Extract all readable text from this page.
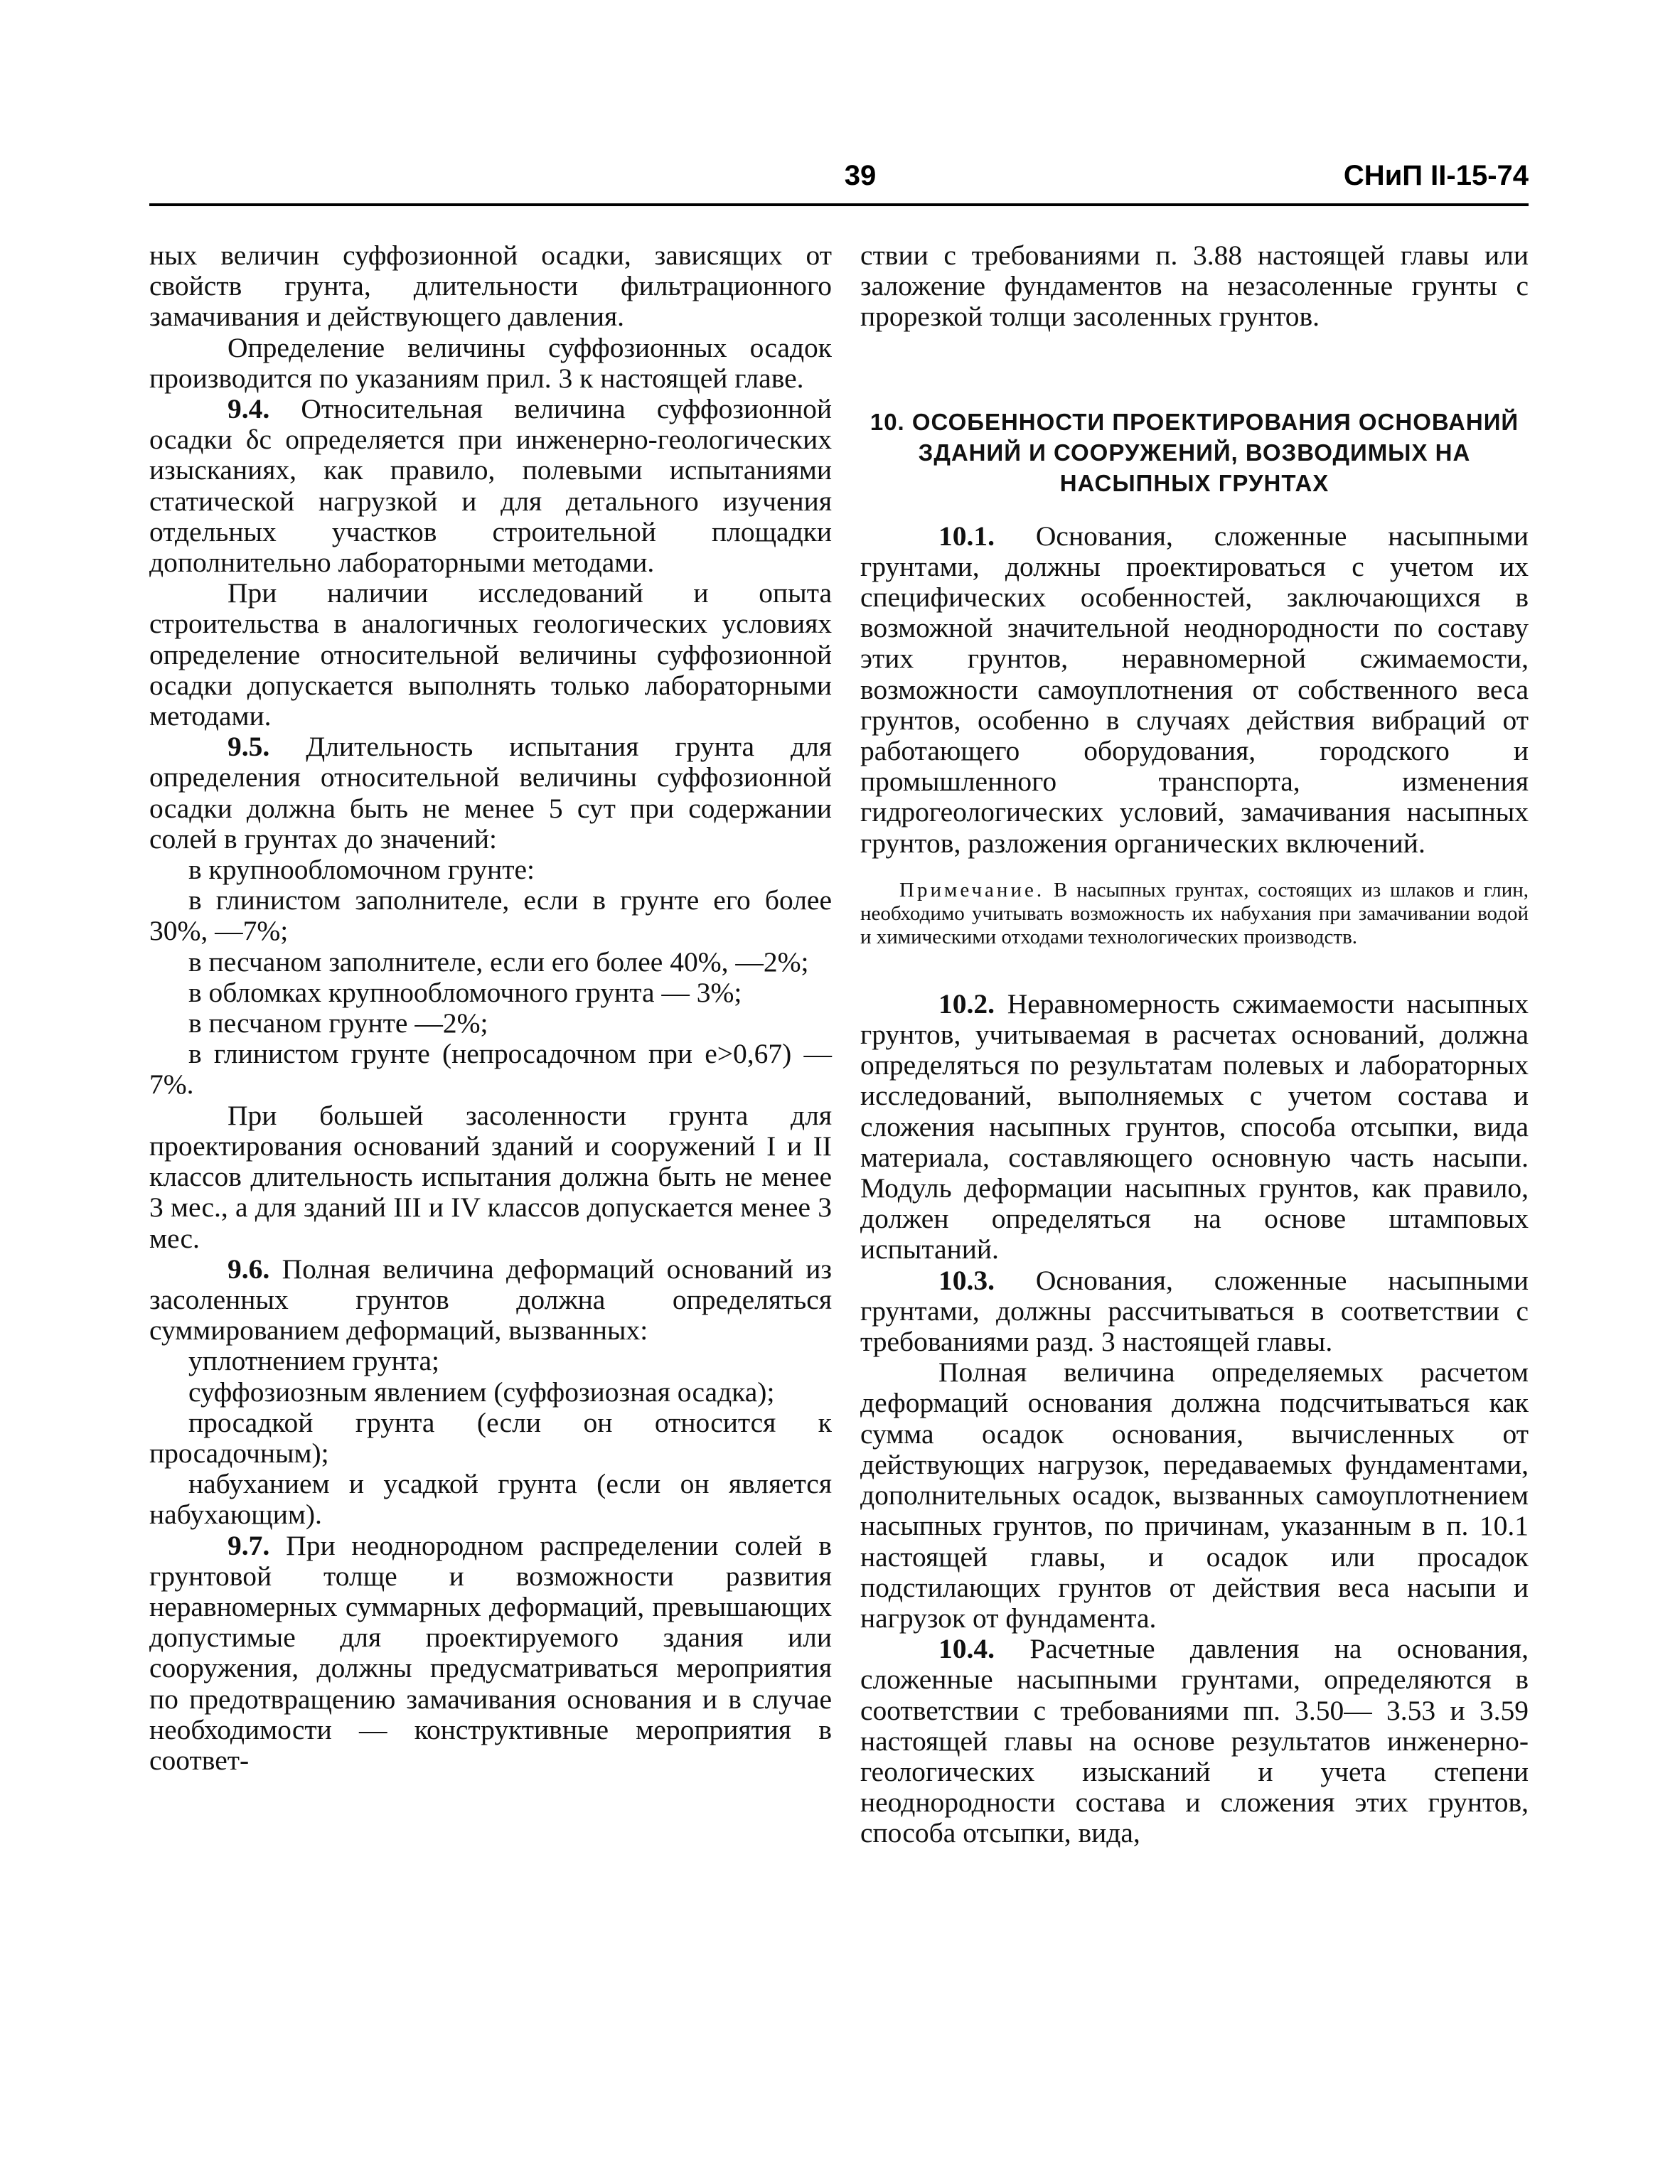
39	СНиП II-15-74

ных величин суффозионной осадки, зависящих от свойств грунта, длительности фильтрационного замачивания и действующего давления.

Определение величины суффозионных осадок производится по указаниям прил. 3 к настоящей главе.

9.4. Относительная величина суффозионной осадки δс определяется при инженерно-геологических изысканиях, как правило, полевыми испытаниями статической нагрузкой и для детального изучения отдельных участков строительной площадки дополнительно лабораторными методами.

При наличии исследований и опыта строительства в аналогичных геологических условиях определение относительной величины суффозионной осадки допускается выполнять только лабораторными методами.

9.5. Длительность испытания грунта для определения относительной величины суффозионной осадки должна быть не менее 5 сут при содержании солей в грунтах до значений:

в крупнообломочном грунте:

в глинистом заполнителе, если в грунте его более 30%, —7%;

в песчаном заполнителе, если его более 40%, —2%;

в обломках крупнообломочного грунта — 3%;

в песчаном грунте —2%;

в глинистом грунте (непросадочном при е>0,67) —7%.

При большей засоленности грунта для проектирования оснований зданий и сооружений I и II классов длительность испытания должна быть не менее 3 мес., а для зданий III и IV классов допускается менее 3 мес.

9.6. Полная величина деформаций оснований из засоленных грунтов должна определяться суммированием деформаций, вызванных:

уплотнением грунта;

суффозиозным явлением (суффозиозная осадка);

просадкой грунта (если он относится к просадочным);

набуханием и усадкой грунта (если он является набухающим).

9.7. При неоднородном распределении солей в грунтовой толще и возможности развития неравномерных суммарных деформаций, превышающих допустимые для проектируемого здания или сооружения, должны предусматриваться мероприятия по предотвращению замачивания основания и в случае необходимости — конструктивные мероприятия в соответ-

ствии с требованиями п. 3.88 настоящей главы или заложение фундаментов на незасоленные грунты с прорезкой толщи засоленных грунтов.

10. ОСОБЕННОСТИ ПРОЕКТИРОВАНИЯ ОСНОВАНИЙ ЗДАНИЙ И СООРУЖЕНИЙ, ВОЗВОДИМЫХ НА НАСЫПНЫХ ГРУНТАХ

10.1. Основания, сложенные насыпными грунтами, должны проектироваться с учетом их специфических особенностей, заключающихся в возможной значительной неоднородности по составу этих грунтов, неравномерной сжимаемости, возможности самоуплотнения от собственного веса грунтов, особенно в случаях действия вибраций от работающего оборудования, городского и промышленного транспорта, изменения гидрогеологических условий, замачивания насыпных грунтов, разложения органических включений.

Примечание. В насыпных грунтах, состоящих из шлаков и глин, необходимо учитывать возможность их набухания при замачивании водой и химическими отходами технологических производств.

10.2. Неравномерность сжимаемости насыпных грунтов, учитываемая в расчетах оснований, должна определяться по результатам полевых и лабораторных исследований, выполняемых с учетом состава и сложения насыпных грунтов, способа отсыпки, вида материала, составляющего основную часть насыпи. Модуль деформации насыпных грунтов, как правило, должен определяться на основе штамповых испытаний.

10.3. Основания, сложенные насыпными грунтами, должны рассчитываться в соответствии с требованиями разд. 3 настоящей главы.

Полная величина определяемых расчетом деформаций основания должна подсчитываться как сумма осадок основания, вычисленных от действующих нагрузок, передаваемых фундаментами, дополнительных осадок, вызванных самоуплотнением насыпных грунтов, по причинам, указанным в п. 10.1 настоящей главы, и осадок или просадок подстилающих грунтов от действия веса насыпи и нагрузок от фундамента.

10.4. Расчетные давления на основания, сложенные насыпными грунтами, определяются в соответствии с требованиями пп. 3.50— 3.53 и 3.59 настоящей главы на основе результатов инженерно-геологических изысканий и учета степени неоднородности состава и сложения этих грунтов, способа отсыпки, вида,
